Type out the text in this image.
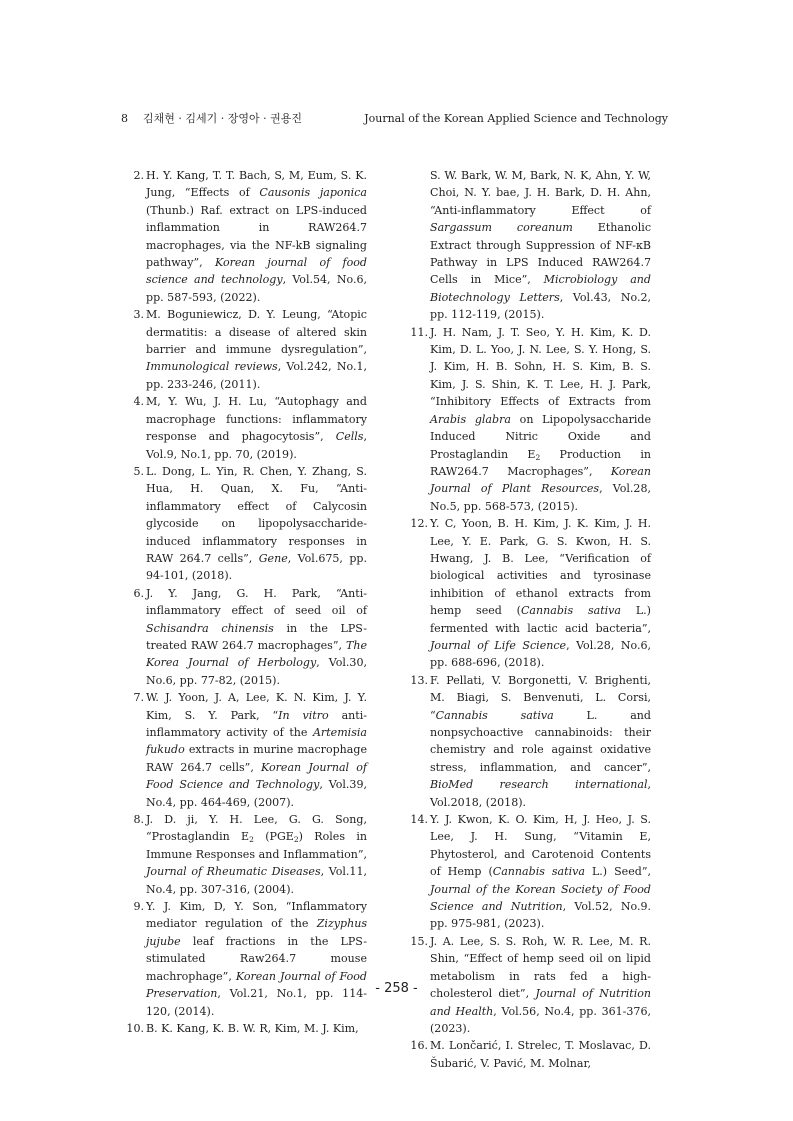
8 김채현 · 김세기 · 장영아 · 권용진	Journal of the Korean Applied Science and Technology

2. H. Y. Kang, T. T. Bach, S, M, Eum, S. K. Jung, “Effects of Causonis japonica (Thunb.) Raf. extract on LPS-induced inflammation in RAW264.7 macrophages, via the NF-kB signaling pathway”, Korean journal of food science and technology, Vol.54, No.6, pp. 587-593, (2022).

3. M. Boguniewicz, D. Y. Leung, “Atopic dermatitis: a disease of altered skin barrier and immune dysregulation”, Immunological reviews, Vol.242, No.1, pp. 233-246, (2011).

4. M, Y. Wu, J. H. Lu, “Autophagy and macrophage functions: inflammatory response and phagocytosis”, Cells, Vol.9, No.1, pp. 70, (2019).

5. L. Dong, L. Yin, R. Chen, Y. Zhang, S. Hua, H. Quan, X. Fu, “Anti-inflammatory effect of Calycosin glycoside on lipopolysaccharide-induced inflammatory responses in RAW 264.7 cells”, Gene, Vol.675, pp. 94-101, (2018).

6. J. Y. Jang, G. H. Park, “Anti-inflammatory effect of seed oil of Schisandra chinensis in the LPS-treated RAW 264.7 macrophages”, The Korea Journal of Herbology, Vol.30, No.6, pp. 77-82, (2015).

7. W. J. Yoon, J. A, Lee, K. N. Kim, J. Y. Kim, S. Y. Park, “In vitro anti-inflammatory activity of the Artemisia fukudo extracts in murine macrophage RAW 264.7 cells”, Korean Journal of Food Science and Technology, Vol.39, No.4, pp. 464-469, (2007).

8. J. D. ji, Y. H. Lee, G. G. Song, “Prostaglandin $E_2$ $(PGE_2)$ Roles in Immune Responses and Inflammation”, Journal of Rheumatic Diseases, Vol.11, No.4, pp. 307-316, (2004).

9. Y. J. Kim, D, Y. Son, “Inflammatory mediator regulation of the Zizyphus jujube leaf fractions in the LPS-stimulated Raw264.7 mouse machrophage”, Korean Journal of Food Preservation, Vol.21, No.1, pp. 114-120, (2014).

10. B. K. Kang, K. B. W. R, Kim, M. J. Kim,

S. W. Bark, W. M, Bark, N. K, Ahn, Y. W, Choi, N. Y. bae, J. H. Bark, D. H. Ahn, “Anti-inflammatory Effect of Sargassum coreanum Ethanolic Extract through Suppression of NF-κB Pathway in LPS Induced RAW264.7 Cells in Mice”, Microbiology and Biotechnology Letters, Vol.43, No.2, pp. 112-119, (2015).

11. J. H. Nam, J. T. Seo, Y. H. Kim, K. D. Kim, D. L. Yoo, J. N. Lee, S. Y. Hong, S. J. Kim, H. B. Sohn, H. S. Kim, B. S. Kim, J. S. Shin, K. T. Lee, H. J. Park, “Inhibitory Effects of Extracts from Arabis glabra on Lipopolysaccharide Induced Nitric Oxide and Prostaglandin $E_2$ Production in RAW264.7 Macrophages”, Korean Journal of Plant Resources, Vol.28, No.5, pp. 568-573, (2015).

12. Y. C, Yoon, B. H. Kim, J. K. Kim, J. H. Lee, Y. E. Park, G. S. Kwon, H. S. Hwang, J. B. Lee, “Verification of biological activities and tyrosinase inhibition of ethanol extracts from hemp seed (Cannabis sativa L.) fermented with lactic acid bacteria”, Journal of Life Science, Vol.28, No.6, pp. 688-696, (2018).

13. F. Pellati, V. Borgonetti, V. Brighenti, M. Biagi, S. Benvenuti, L. Corsi, “Cannabis sativa L. and nonpsychoactive cannabinoids: their chemistry and role against oxidative stress, inflammation, and cancer”, BioMed research international, Vol.2018, (2018).

14. Y. J. Kwon, K. O. Kim, H, J. Heo, J. S. Lee, J. H. Sung, “Vitamin E, Phytosterol, and Carotenoid Contents of Hemp (Cannabis sativa L.) Seed”, Journal of the Korean Society of Food Science and Nutrition, Vol.52, No.9. pp. 975-981, (2023).

15. J. A. Lee, S. S. Roh, W. R. Lee, M. R. Shin, “Effect of hemp seed oil on lipid metabolism in rats fed a high-cholesterol diet”, Journal of Nutrition and Health, Vol.56, No.4, pp. 361-376, (2023).

16. M. Lončarić, I. Strelec, T. Moslavac, D. Šubarić, V. Pavić, M. Molnar,

- 258 -
